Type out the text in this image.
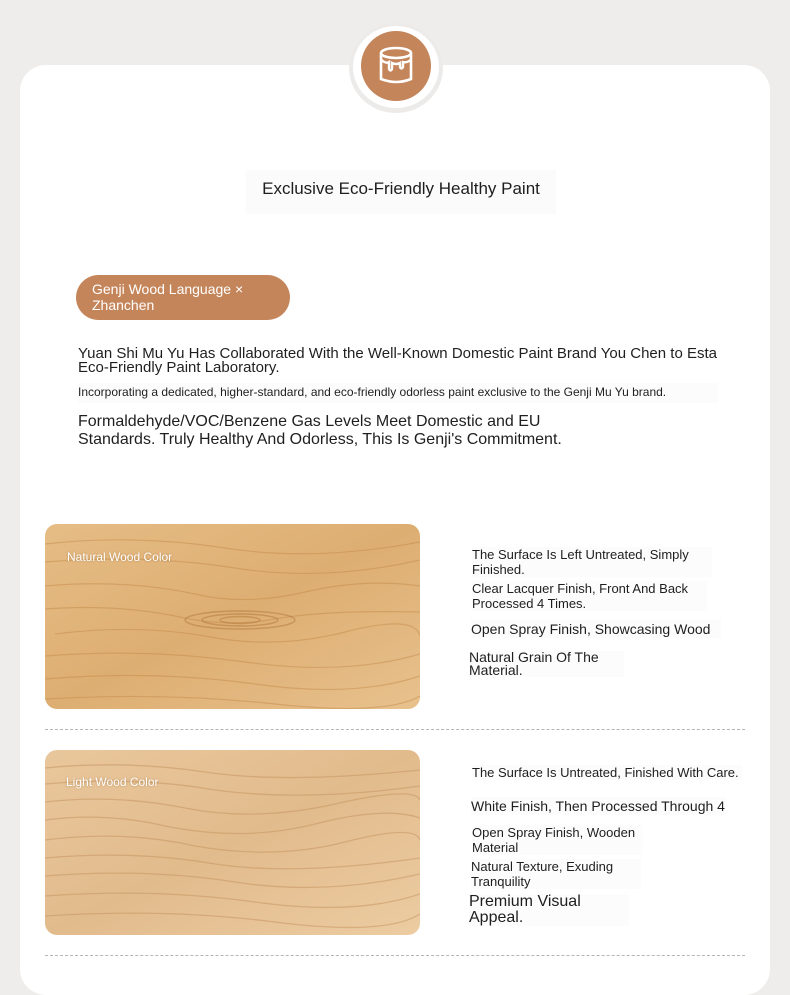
Exclusive Eco-Friendly Healthy Paint
Genji Wood Language ×
Zhanchen
Yuan Shi Mu Yu Has Collaborated With the Well-Known Domestic Paint Brand You Chen to Esta
Eco-Friendly Paint Laboratory.
Incorporating a dedicated, higher-standard, and eco-friendly odorless paint exclusive to the Genji Mu Yu brand.
Formaldehyde/VOC/Benzene Gas Levels Meet Domestic and EU Standards. Truly Healthy And Odorless, This Is Genji's Commitment.
Natural Wood Color	The Surface Is Left Untreated, Simply Finished.
Clear Lacquer Finish, Front And Back Processed 4 Times.
Open Spray Finish, Showcasing Wood
Natural Grain Of The Material.
Light Wood Color
The Surface Is Untreated, Finished With Care.
White Finish, Then Processed Through 4
Open Spray Finish, Wooden Material
Natural Texture, Exuding Tranquility
Premium Visual Appeal.
